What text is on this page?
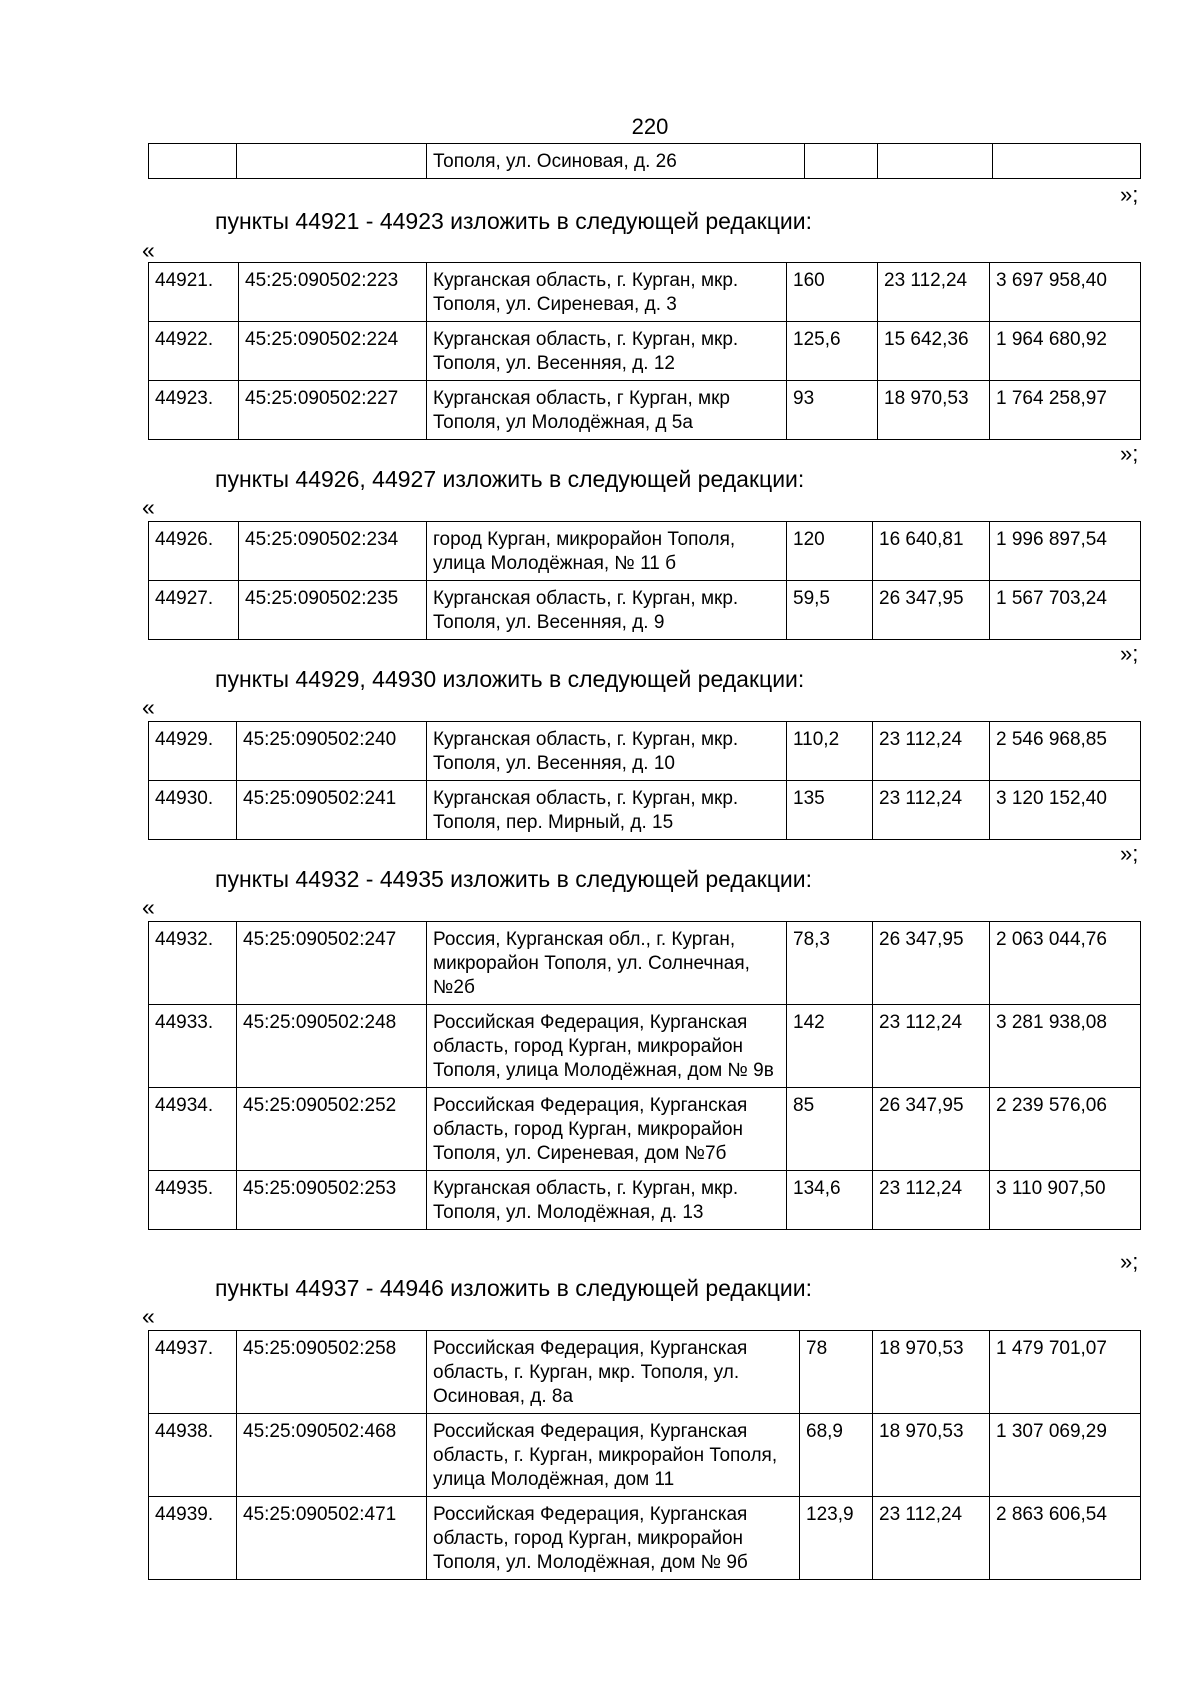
220
		Тополя, ул. Осиновая, д. 26			
»;
пункты 44921 - 44923 изложить в следующей редакции:
«
44921.	45:25:090502:223	Курганская область, г. Курган, мкр. Тополя, ул. Сиреневая, д. 3	160	23 112,24	3 697 958,40
44922.	45:25:090502:224	Курганская область, г. Курган, мкр. Тополя, ул. Весенняя, д. 12	125,6	15 642,36	1 964 680,92
44923.	45:25:090502:227	Курганская область, г Курган, мкр Тополя, ул Молодёжная, д 5а	93	18 970,53	1 764 258,97
»;
пункты 44926, 44927 изложить в следующей редакции:
«
44926.	45:25:090502:234	город Курган, микрорайон Тополя, улица Молодёжная, № 11 б	120	16 640,81	1 996 897,54
44927.	45:25:090502:235	Курганская область, г. Курган, мкр. Тополя, ул. Весенняя, д. 9	59,5	26 347,95	1 567 703,24
»;
пункты 44929, 44930 изложить в следующей редакции:
«
44929.	45:25:090502:240	Курганская область, г. Курган, мкр. Тополя, ул. Весенняя, д. 10	110,2	23 112,24	2 546 968,85
44930.	45:25:090502:241	Курганская область, г. Курган, мкр. Тополя, пер. Мирный, д. 15	135	23 112,24	3 120 152,40
»;
пункты 44932 - 44935 изложить в следующей редакции:
«
44932.	45:25:090502:247	Россия, Курганская обл., г. Курган, микрорайон Тополя, ул. Солнечная, №2б	78,3	26 347,95	2 063 044,76
44933.	45:25:090502:248	Российская Федерация, Курганская область, город Курган, микрорайон Тополя, улица Молодёжная, дом № 9в	142	23 112,24	3 281 938,08
44934.	45:25:090502:252	Российская Федерация, Курганская область, город Курган, микрорайон Тополя, ул. Сиреневая, дом №7б	85	26 347,95	2 239 576,06
44935.	45:25:090502:253	Курганская область, г. Курган, мкр. Тополя, ул. Молодёжная, д. 13	134,6	23 112,24	3 110 907,50
»;
пункты 44937 - 44946 изложить в следующей редакции:
«
44937.	45:25:090502:258	Российская Федерация, Курганская область, г. Курган, мкр. Тополя, ул. Осиновая, д. 8а	78	18 970,53	1 479 701,07
44938.	45:25:090502:468	Российская Федерация, Курганская область, г. Курган, микрорайон Тополя, улица Молодёжная, дом 11	68,9	18 970,53	1 307 069,29
44939.	45:25:090502:471	Российская Федерация, Курганская область, город Курган, микрорайон Тополя, ул. Молодёжная, дом № 9б	123,9	23 112,24	2 863 606,54
